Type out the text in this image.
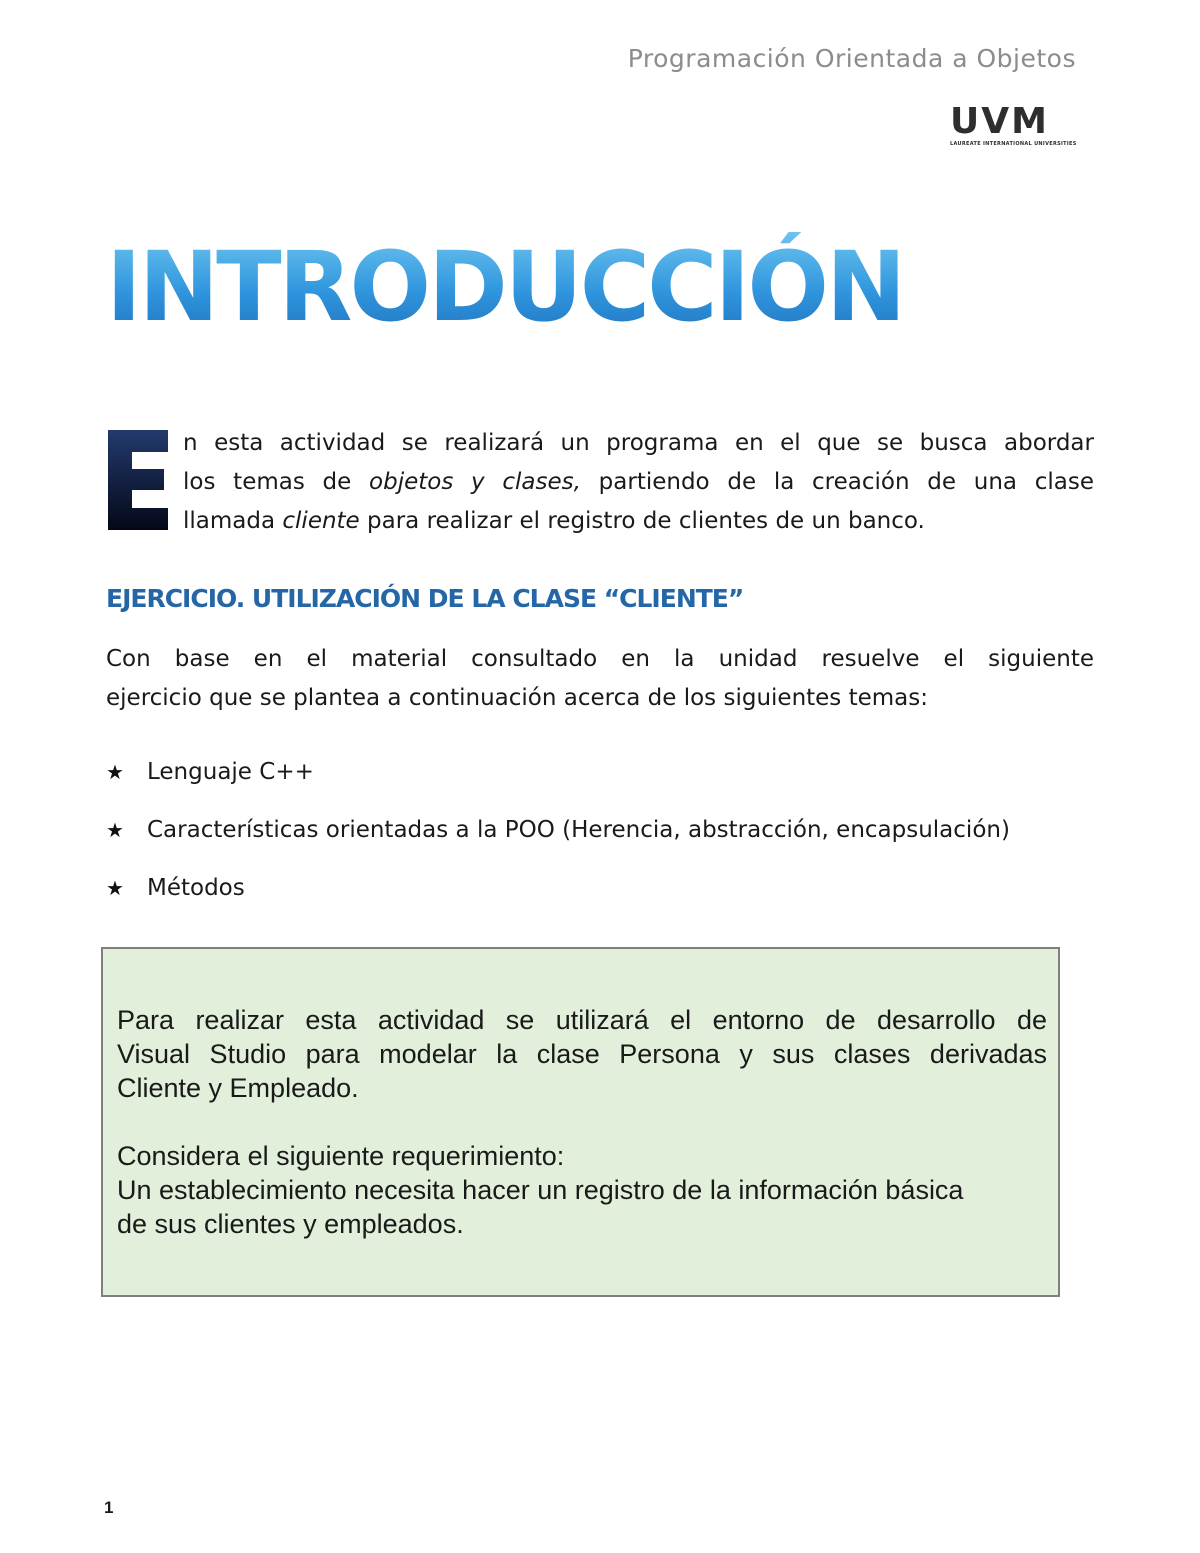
Programación Orientada a Objetos
UVM
LAUREATE INTERNATIONAL UNIVERSITIES
INTRODUCCIÓN
n esta actividad se realizará un programa en el que se busca abordar
los temas de objetos y clases, partiendo de la creación de una clase
llamada cliente para realizar el registro de clientes de un banco.
EJERCICIO. UTILIZACIÓN DE LA CLASE “CLIENTE”
Con base en el material consultado en la unidad resuelve el siguiente
ejercicio que se plantea a continuación acerca de los siguientes temas:
★	Lenguaje C++
★	Características orientadas a la POO (Herencia, abstracción, encapsulación)
★	Métodos
Para realizar esta actividad se utilizará el entorno de desarrollo de
Visual Studio para modelar la clase Persona y sus clases derivadas
Cliente y Empleado.
Considera el siguiente requerimiento:
Un establecimiento necesita hacer un registro de la información básica
de sus clientes y empleados.
1
